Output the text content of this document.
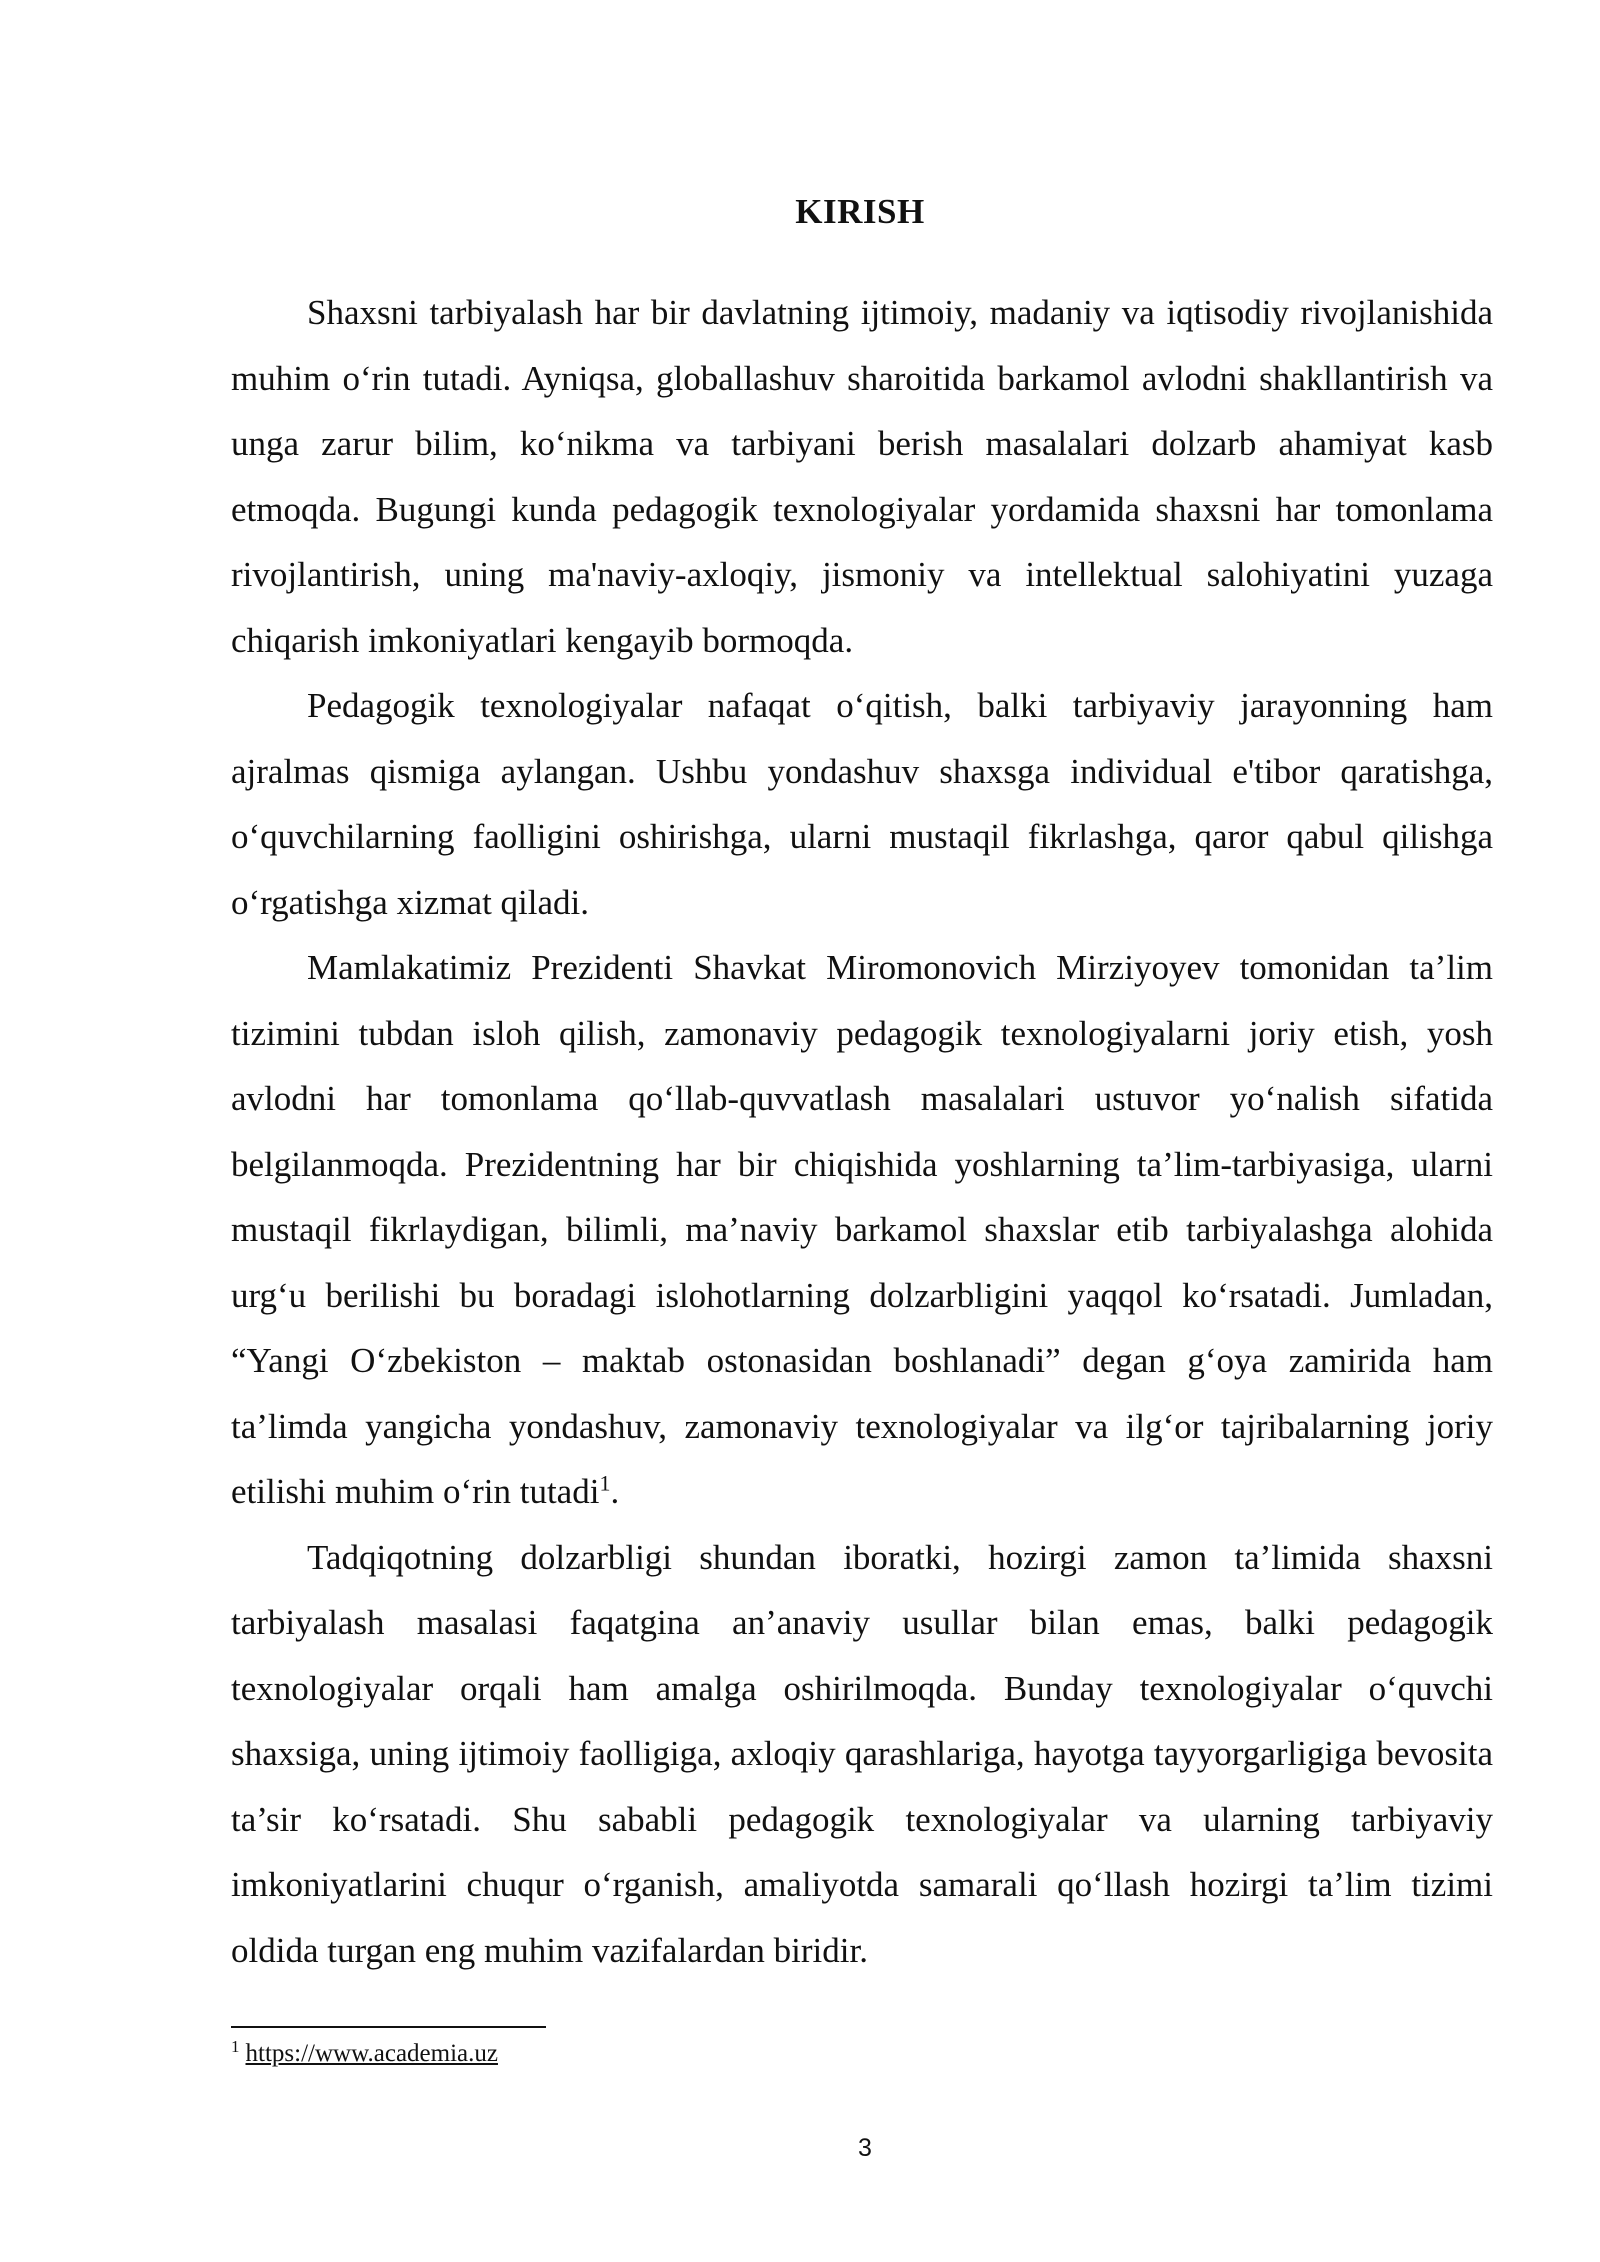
KIRISH

Shaxsni tarbiyalash har bir davlatning ijtimoiy, madaniy va iqtisodiy rivojlanishida muhim o‘rin tutadi. Ayniqsa, globallashuv sharoitida barkamol avlodni shakllantirish va unga zarur bilim, ko‘nikma va tarbiyani berish masalalari dolzarb ahamiyat kasb etmoqda. Bugungi kunda pedagogik texnologiyalar yordamida shaxsni har tomonlama rivojlantirish, uning ma'naviy-axloqiy, jismoniy va intellektual salohiyatini yuzaga chiqarish imkoniyatlari kengayib bormoqda.

Pedagogik texnologiyalar nafaqat o‘qitish, balki tarbiyaviy jarayonning ham ajralmas qismiga aylangan. Ushbu yondashuv shaxsga individual e'tibor qaratishga, o‘quvchilarning faolligini oshirishga, ularni mustaqil fikrlashga, qaror qabul qilishga o‘rgatishga xizmat qiladi.

Mamlakatimiz Prezidenti Shavkat Miromonovich Mirziyoyev tomonidan ta’lim tizimini tubdan isloh qilish, zamonaviy pedagogik texnologiyalarni joriy etish, yosh avlodni har tomonlama qo‘llab-quvvatlash masalalari ustuvor yo‘nalish sifatida belgilanmoqda. Prezidentning har bir chiqishida yoshlarning ta’lim-tarbiyasiga, ularni mustaqil fikrlaydigan, bilimli, ma’naviy barkamol shaxslar etib tarbiyalashga alohida urg‘u berilishi bu boradagi islohotlarning dolzarbligini yaqqol ko‘rsatadi. Jumladan, “Yangi O‘zbekiston – maktab ostonasidan boshlanadi” degan g‘oya zamirida ham ta’limda yangicha yondashuv, zamonaviy texnologiyalar va ilg‘or tajribalarning joriy etilishi muhim o‘rin tutadi$^1$.

Tadqiqotning dolzarbligi shundan iboratki, hozirgi zamon ta’limida shaxsni tarbiyalash masalasi faqatgina an’anaviy usullar bilan emas, balki pedagogik texnologiyalar orqali ham amalga oshirilmoqda. Bunday texnologiyalar o‘quvchi shaxsiga, uning ijtimoiy faolligiga, axloqiy qarashlariga, hayotga tayyorgarligiga bevosita ta’sir ko‘rsatadi. Shu sababli pedagogik texnologiyalar va ularning tarbiyaviy imkoniyatlarini chuqur o‘rganish, amaliyotda samarali qo‘llash hozirgi ta’lim tizimi oldida turgan eng muhim vazifalardan biridir.

$^1$ https://www.academia.uz
3
